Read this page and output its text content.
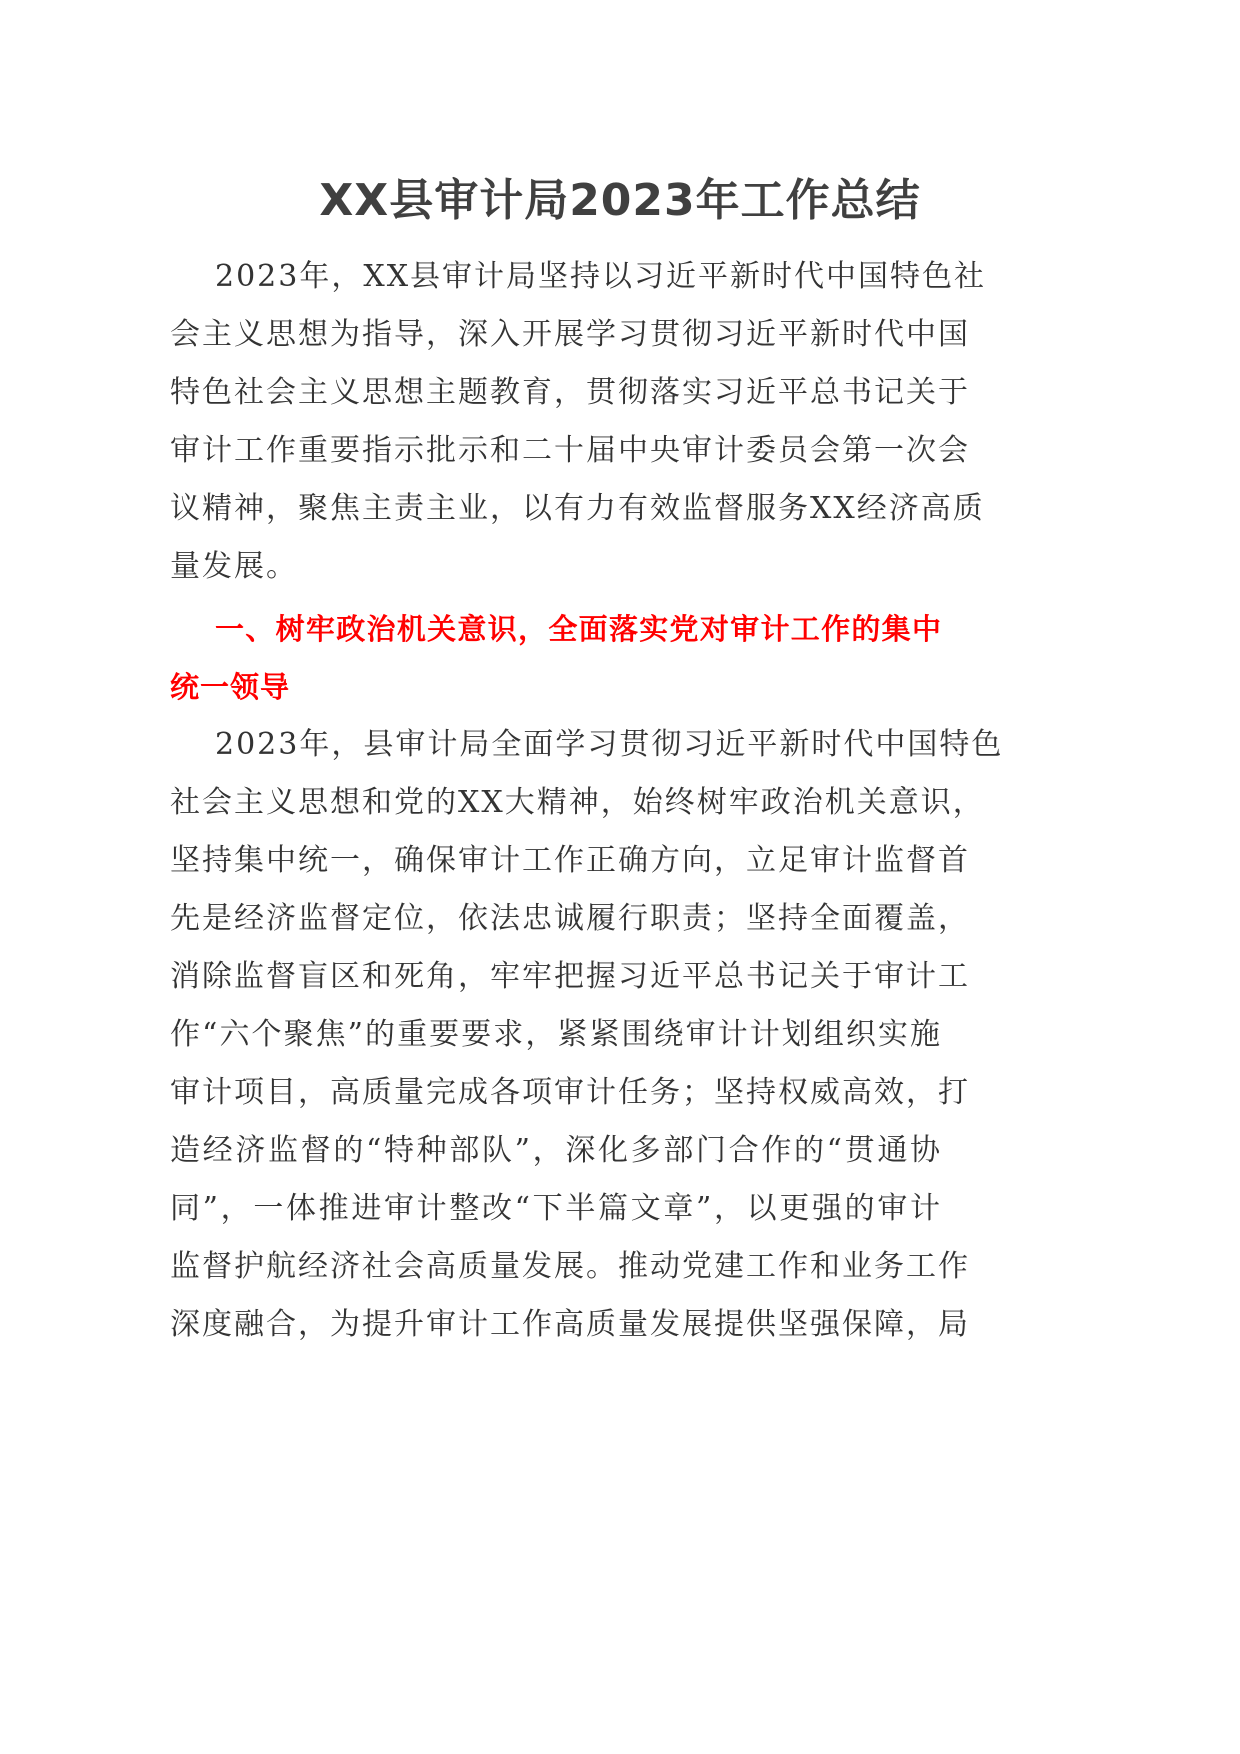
XX县审计局2023年工作总结
2023年，XX县审计局坚持以习近平新时代中国特色社
会主义思想为指导，深入开展学习贯彻习近平新时代中国
特色社会主义思想主题教育，贯彻落实习近平总书记关于
审计工作重要指示批示和二十届中央审计委员会第一次会
议精神，聚焦主责主业，以有力有效监督服务XX经济高质
量发展。
一、树牢政治机关意识，全面落实党对审计工作的集中
统一领导
2023年，县审计局全面学习贯彻习近平新时代中国特色
社会主义思想和党的XX大精神，始终树牢政治机关意识，
坚持集中统一，确保审计工作正确方向，立足审计监督首
先是经济监督定位，依法忠诚履行职责；坚持全面覆盖，
消除监督盲区和死角，牢牢把握习近平总书记关于审计工
作“六个聚焦”的重要要求，紧紧围绕审计计划组织实施
审计项目，高质量完成各项审计任务；坚持权威高效，打
造经济监督的“特种部队”，深化多部门合作的“贯通协
同”，一体推进审计整改“下半篇文章”，以更强的审计
监督护航经济社会高质量发展。推动党建工作和业务工作
深度融合，为提升审计工作高质量发展提供坚强保障，局
